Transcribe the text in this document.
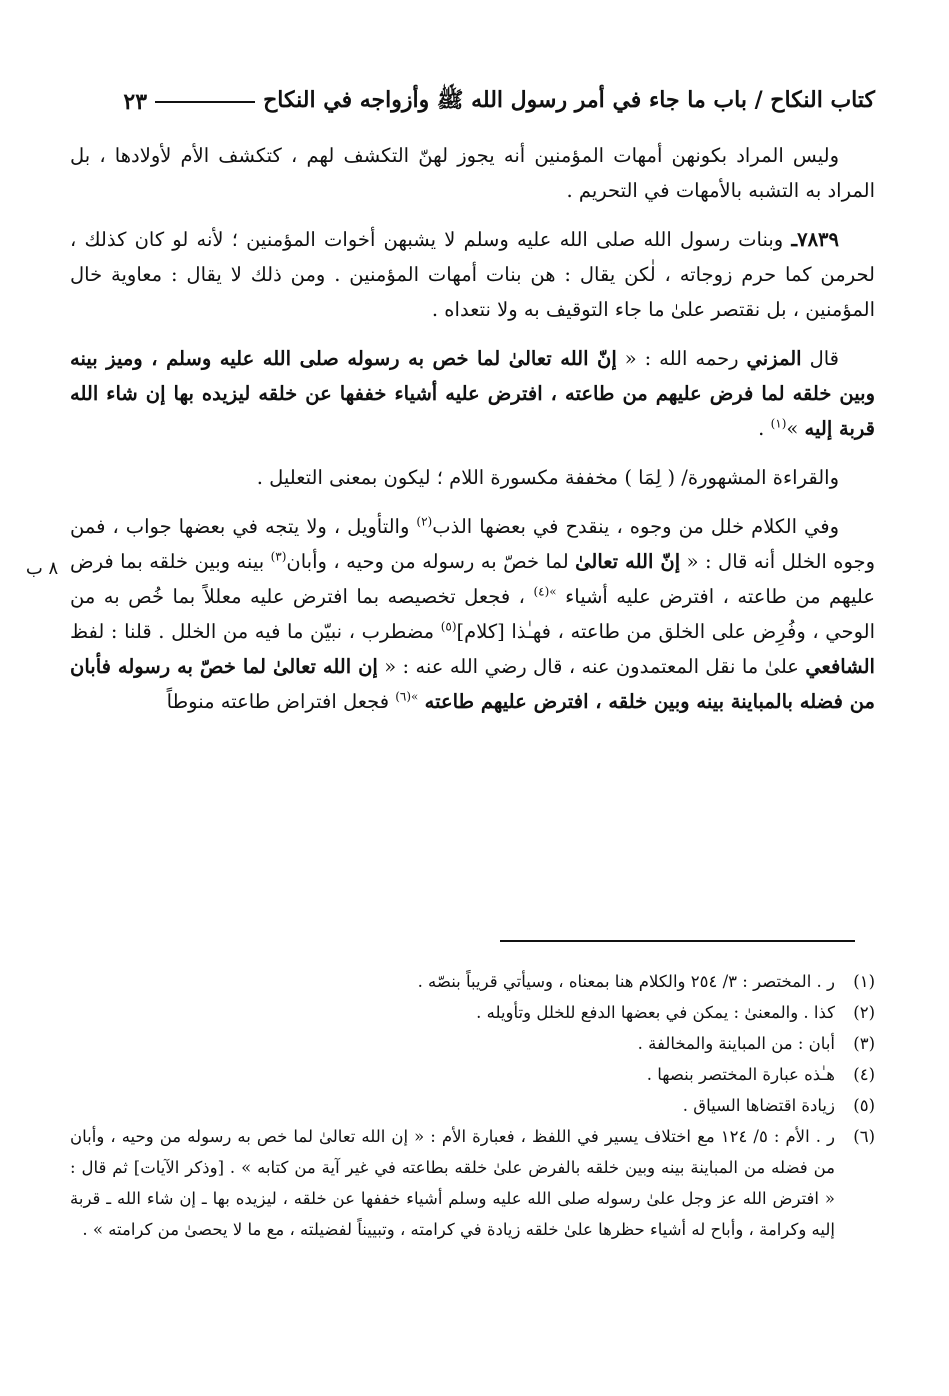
كتاب النكاح / باب ما جاء في أمر رسول الله ﷺ وأزواجه في النكاح
٢٣
٨ ب

وليس المراد بكونهن أمهات المؤمنين أنه يجوز لهنّ التكشف لهم ، كتكشف الأم لأولادها ، بل المراد به التشبه بالأمهات في التحريم .

٧٨٣٩ـ وبنات رسول الله صلى الله عليه وسلم لا يشبهن أخوات المؤمنين ؛ لأنه لو كان كذلك ، لحرمن كما حرم زوجاته ، لٰكن يقال : هن بنات أمهات المؤمنين . ومن ذلك لا يقال : معاوية خال المؤمنين ، بل نقتصر علىٰ ما جاء التوقيف به ولا نتعداه .

قال المزني رحمه الله : « إنّ الله تعالىٰ لما خص به رسوله صلى الله عليه وسلم ، وميز بينه وبين خلقه لما فرض عليهم من طاعته ، افترض عليه أشياء خففها عن خلقه ليزيده بها إن شاء الله قربة إليه »$^{(١)}$ .

والقراءة المشهورة/ ( لِمَا ) مخففة مكسورة اللام ؛ ليكون بمعنى التعليل .

وفي الكلام خلل من وجوه ، ينقدح في بعضها الذب$^{(٢)}$ والتأويل ، ولا يتجه في بعضها جواب ، فمن وجوه الخلل أنه قال : « إنّ الله تعالىٰ لما خصّ به رسوله من وحيه ، وأبان$^{(٣)}$ بينه وبين خلقه بما فرض عليهم من طاعته ، افترض عليه أشياء $^{»(٤)}$ ، فجعل تخصيصه بما افترض عليه معللاً بما خُص به من الوحي ، وفُرِض على الخلق من طاعته ، فهـٰذا [كلام]$^{(٥)}$ مضطرب ، نبيّن ما فيه من الخلل . قلنا : لفظ الشافعي علىٰ ما نقل المعتمدون عنه ، قال رضي الله عنه : « إن الله تعالىٰ لما خصّ به رسوله فأبان من فضله بالمباينة بينه وبين خلقه ، افترض عليهم طاعته $^{»(٦)}$ فجعل افتراض طاعته منوطاً

(١)
ر . المختصر : ٣/ ٢٥٤ والكلام هنا بمعناه ، وسيأتي قريباً بنصّه .
(٢)
كذا . والمعنىٰ : يمكن في بعضها الدفع للخلل وتأويله .
(٣)
أبان : من المباينة والمخالفة .
(٤)
هـٰذه عبارة المختصر بنصها .
(٥)
زيادة اقتضاها السياق .
(٦)
ر . الأم : ٥/ ١٢٤ مع اختلاف يسير في اللفظ ، فعبارة الأم : « إن الله تعالىٰ لما خص به رسوله من وحيه ، وأبان من فضله من المباينة بينه وبين خلقه بالفرض علىٰ خلقه بطاعته في غير آية من كتابه » . [وذكر الآيات] ثم قال : « افترض الله عز وجل علىٰ رسوله صلى الله عليه وسلم أشياء خففها عن خلقه ، ليزيده بها ـ إن شاء الله ـ قربة إليه وكرامة ، وأباح له أشياء حظرها علىٰ خلقه زيادة في كرامته ، وتبييناً لفضيلته ، مع ما لا يحصىٰ من كرامته » .
